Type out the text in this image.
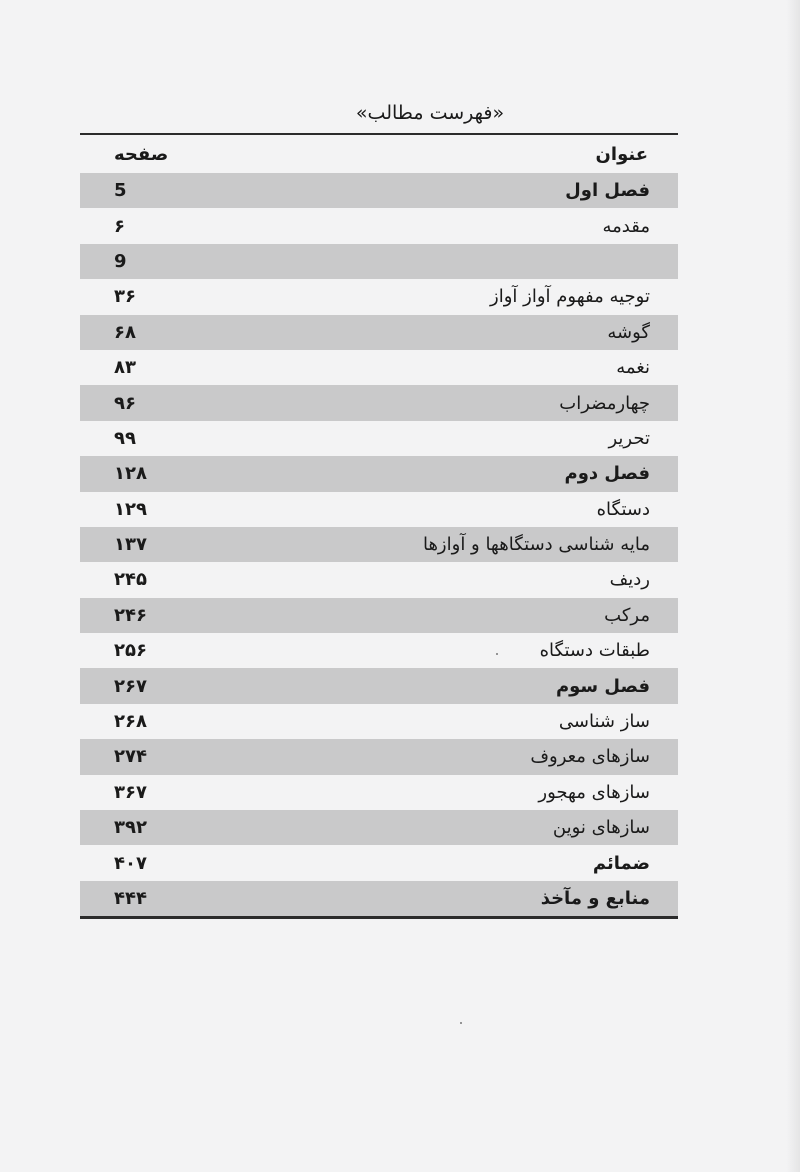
«فهرست مطالب»
عنوان
صفحه
فصل اول
5
مقدمه
۶
9
توجیه مفهوم آواز آواز
۳۶
گوشه
۶۸
نغمه
۸۳
چهارمضراب
۹۶
تحریر
۹۹
فصل دوم
۱۲۸
دستگاه
۱۲۹
مایه شناسی دستگاهها و آوازها
۱۳۷
ردیف
۲۴۵
مرکب
۲۴۶
طبقات دستگاه
۲۵۶
فصل سوم
۲۶۷
ساز شناسی
۲۶۸
سازهای معروف
۲۷۴
سازهای مهجور
۳۶۷
سازهای نوین
۳۹۲
ضمائم
۴۰۷
منابع و مآخذ
۴۴۴
